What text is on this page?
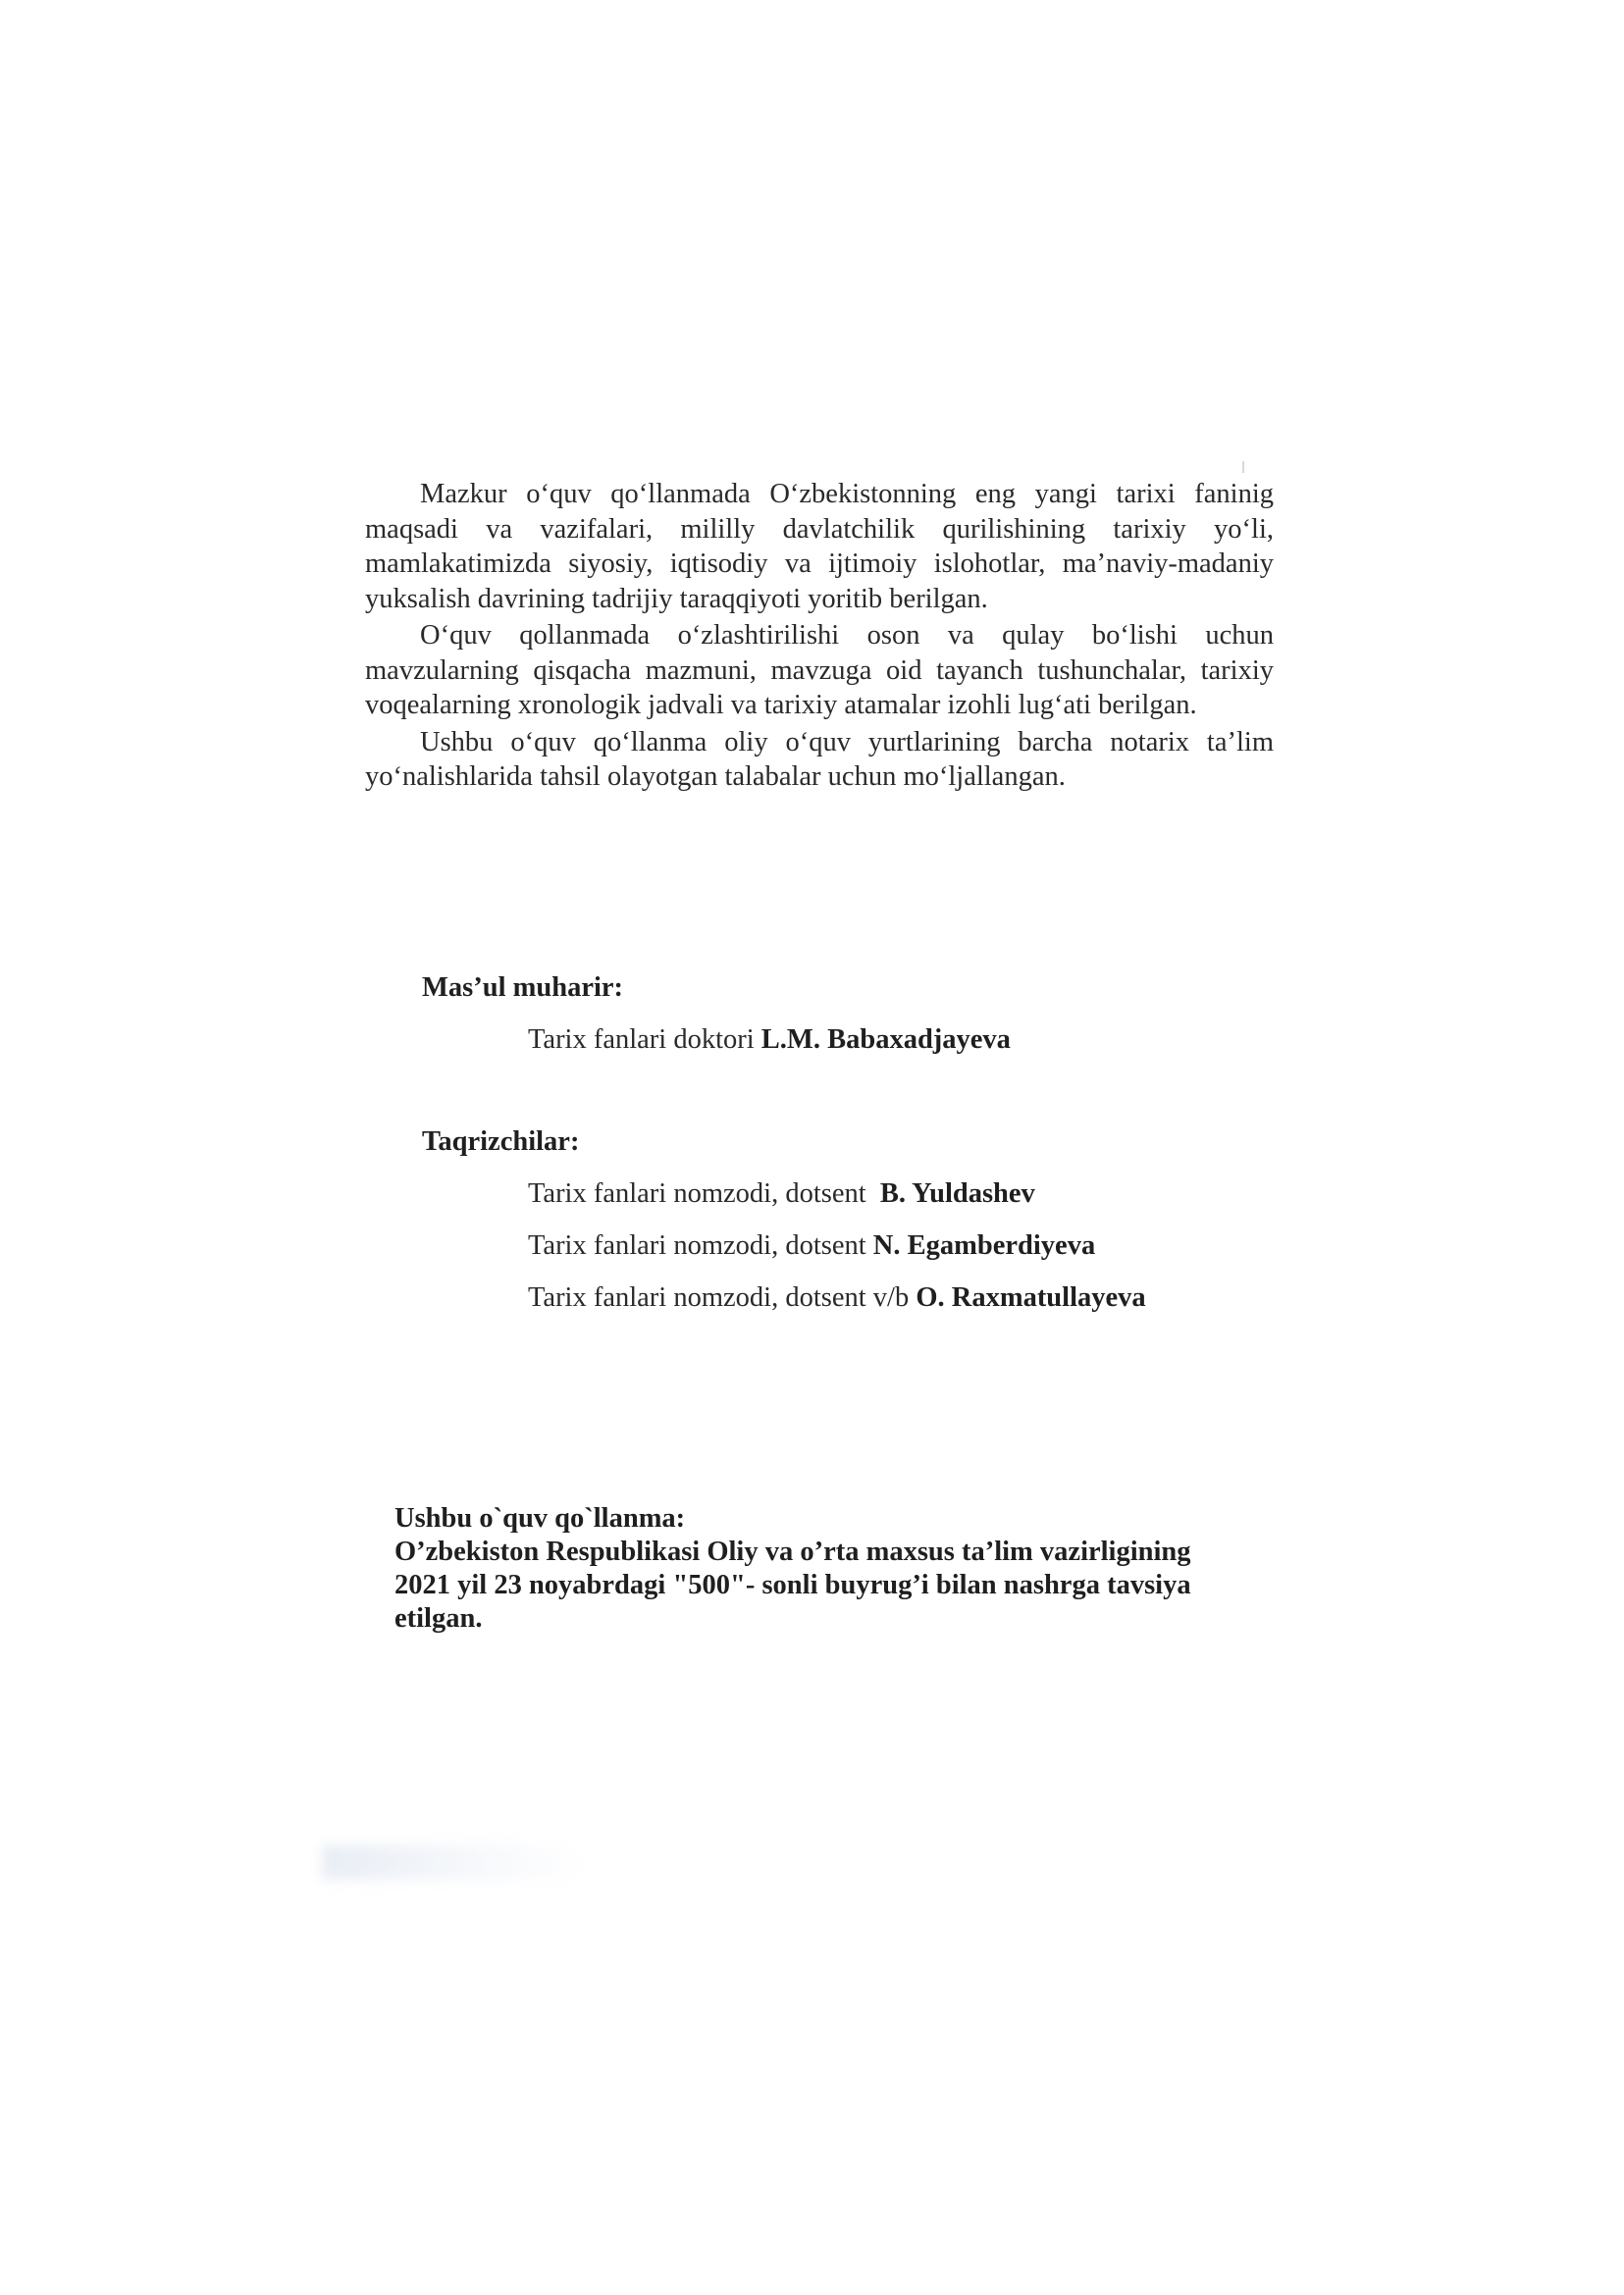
Mazkur o‘quv qo‘llanmada O‘zbekistonning eng yangi tarixi faninig maqsadi va vazifalari, mililly davlatchilik qurilishining tarixiy yo‘li, mamlakatimizda siyosiy, iqtisodiy va ijtimoiy islohotlar, ma’naviy-madaniy yuksalish davrining tadrijiy taraqqiyoti yoritib berilgan.

O‘quv qollanmada o‘zlashtirilishi oson va qulay bo‘lishi uchun mavzularning qisqacha mazmuni, mavzuga oid tayanch tushunchalar, tarixiy voqealarning xronologik jadvali va tarixiy atamalar izohli lug‘ati berilgan.

Ushbu o‘quv qo‘llanma oliy o‘quv yurtlarining barcha notarix ta’lim yo‘nalishlarida tahsil olayotgan talabalar uchun mo‘ljallangan.

Mas’ul muharir:
Tarix fanlari doktori L.M. Babaxadjayeva
Taqrizchilar:
Tarix fanlari nomzodi, dotsent B. Yuldashev
Tarix fanlari nomzodi, dotsent N. Egamberdiyeva
Tarix fanlari nomzodi, dotsent v/b O. Raxmatullayeva
Ushbu o`quv qo`llanma:
O’zbekiston Respublikasi Oliy va o’rta maxsus ta’lim vazirligining
2021 yil 23 noyabrdagi "500"- sonli buyrug’i bilan nashrga tavsiya
etilgan.
